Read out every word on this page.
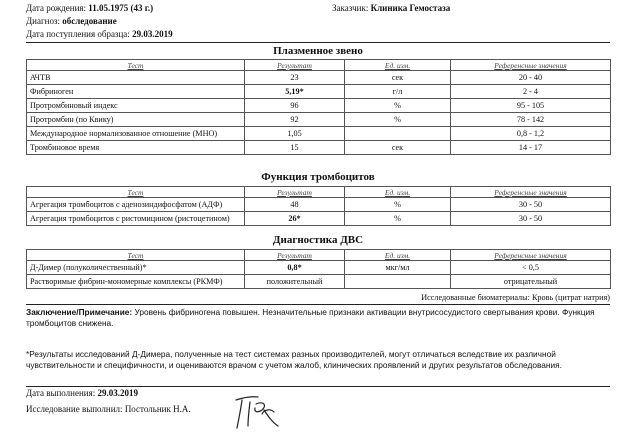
Дата рождения: 11.05.1975 (43 г.)	Заказчик: Клиника Гемостаза
Диагноз: обследование
Дата поступления образца: 29.03.2019
Плазменное звено
Тест	Результат	Ед. изм.	Референсные значения
АЧТВ	23	сек	20 - 40
Фибриноген	5,19*	г/л	2 - 4
Протромбиновый индекс	96	%	95 - 105
Протромбин (по Квику)	92	%	78 - 142
Международное нормализованное отношение (МНО)	1,05		0,8 - 1,2
Тромбиновое время	15	сек	14 - 17
Функция тромбоцитов
Тест	Результат	Ед. изм.	Референсные значения
Агрегация тромбоцитов с аденозиндифосфатом (АДФ)	48	%	30 - 50
Агрегация тромбоцитов с ристомицином (ристоцетином)	26*	%	30 - 50
Диагностика ДВС
Тест	Результат	Ед. изм.	Референсные значения
Д-Димер (полуколичественный)*	0,8*	мкг/мл	< 0,5
Растворимые фибрин-мономерные комплексы (РКМФ)	положительный		отрицательный
Исследованные биоматериалы: Кровь (цитрат натрия)
Заключение/Примечание: Уровень фибриногена повышен. Незначительные признаки активации внутрисосудистого свертывания крови. Функция тромбоцитов снижена.
*Результаты исследований Д-Димера, полученные на тест системах разных производителей, могут отличаться вследствие их различной чувствительности и специфичности, и оцениваются врачом с учетом жалоб, клинических проявлений и других результатов обследования.
Дата выполнения: 29.03.2019
Исследование выполнил: Постольник Н.А.
